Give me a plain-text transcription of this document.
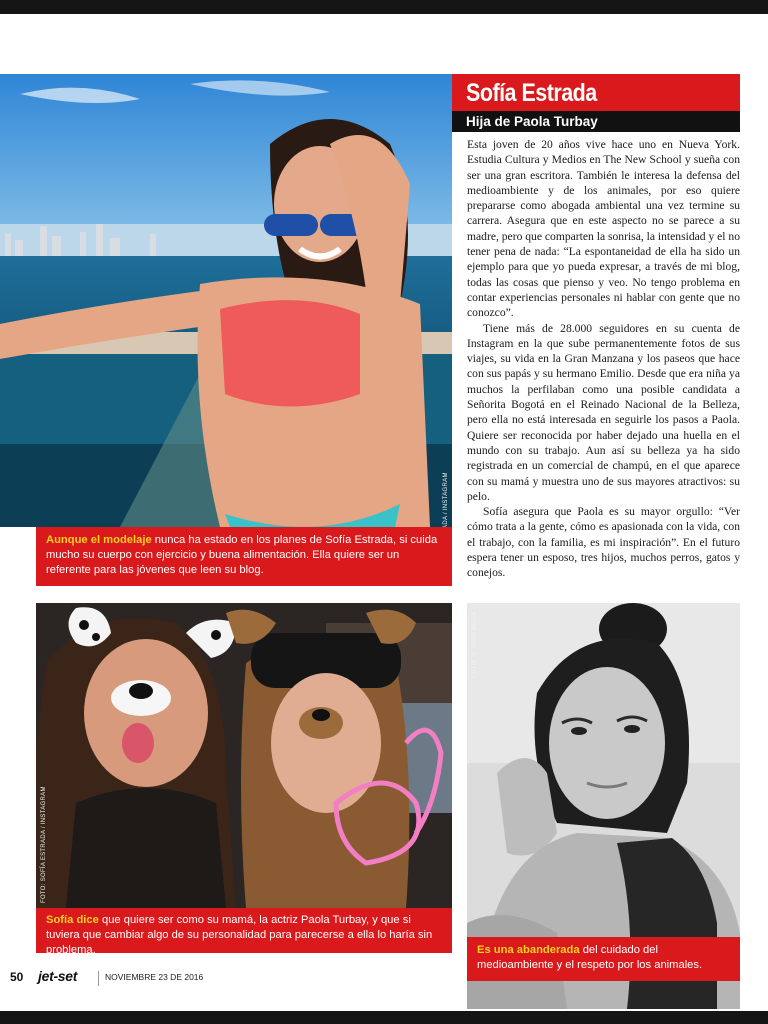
Sofía Estrada
Hija de Paola Turbay

Esta joven de 20 años vive hace uno en Nueva York. Estudia Cultura y Medios en The New School y sueña con ser una gran escritora. También le interesa la defensa del medioambiente y de los animales, por eso quiere prepararse como abogada ambiental una vez termine su carrera. Asegura que en este aspecto no se parece a su madre, pero que comparten la sonrisa, la intensidad y el no tener pena de nada: “La espontaneidad de ella ha sido un ejemplo para que yo pueda expresar, a través de mi blog, todas las cosas que pienso y veo. No tengo problema en contar experiencias personales ni hablar con gente que no conozco”.

Tiene más de 28.000 seguidores en su cuenta de Instagram en la que sube permanentemente fotos de sus viajes, su vida en la Gran Manzana y los paseos que hace con sus papás y su hermano Emilio. Desde que era niña ya muchos la perfilaban como una posible candidata a Señorita Bogotá en el Reinado Nacional de la Belleza, pero ella no está interesada en seguirle los pasos a Paola. Quiere ser reconocida por haber dejado una huella en el mundo con su trabajo. Aun así su belleza ya ha sido registrada en un comercial de champú, en el que aparece con su mamá y muestra uno de sus mayores atractivos: su pelo.

Sofía asegura que Paola es su mayor orgullo: “Ver cómo trata a la gente, cómo es apasionada con la vida, con el trabajo, con la familia, es mi inspiración”. En el futuro espera tener un esposo, tres hijos, muchos perros, gatos y conejos.

Aunque el modelaje nunca ha estado en los planes de Sofía Estrada, si cuida mucho su cuerpo con ejercicio y buena alimentación. Ella quiere ser un referente para las jóvenes que leen su blog.
FOTO: SOFÍA ESTRADA / INSTAGRAM
Sofía dice que quiere ser como su mamá, la actriz Paola Turbay, y que si tuviera que cambiar algo de su personalidad para parecerse a ella lo haría sin problema.
FOTO: © JUAN MORA
Es una abanderada del cuidado del medioambiente y el respeto por los animales.
50 jet-set	NOVIEMBRE 23 DE 2016
